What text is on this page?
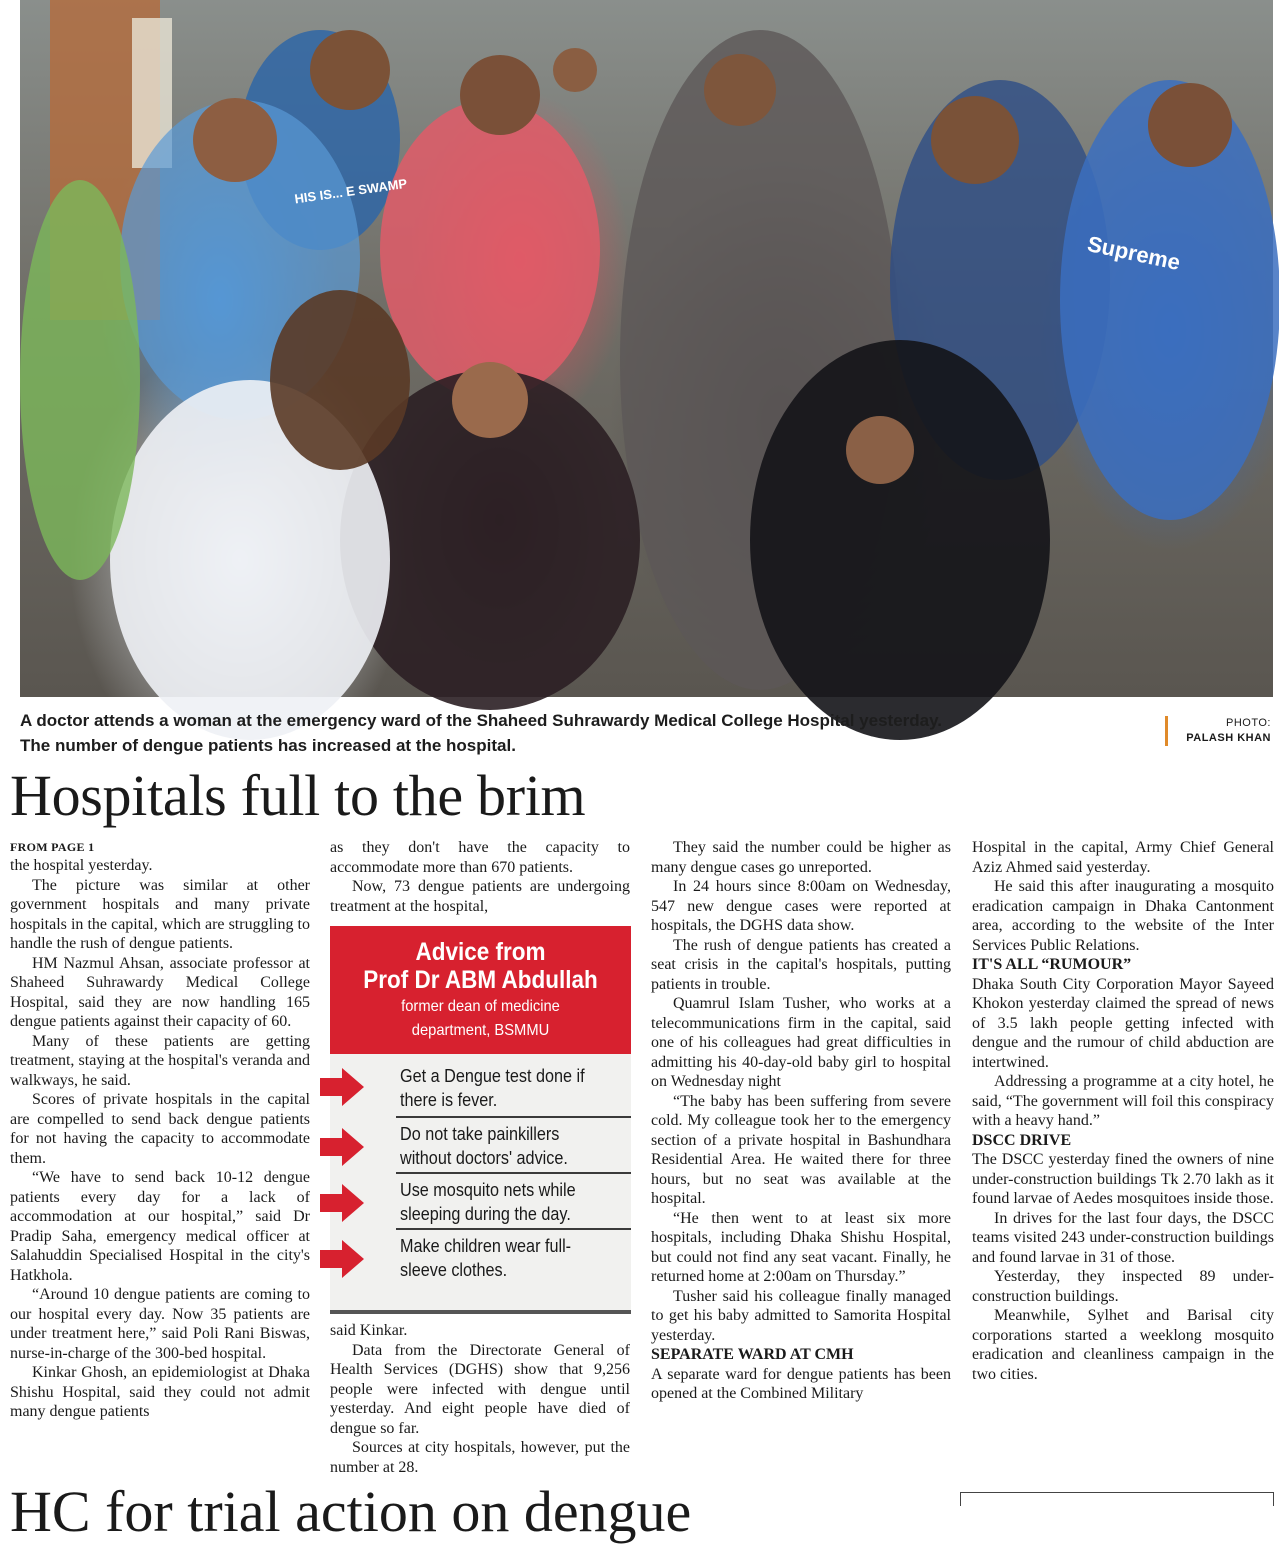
Supreme
HIS IS... E SWAMP
A doctor attends a woman at the emergency ward of the Shaheed Suhrawardy Medical College Hospital yesterday.
The number of dengue patients has increased at the hospital.
PHOTO:
PALASH KHAN
Hospitals full to the brim
FROM PAGE 1

the hospital yesterday.

The picture was similar at other government hospitals and many private hospitals in the capital, which are struggling to handle the rush of dengue patients.

HM Nazmul Ahsan, associate professor at Shaheed Suhrawardy Medical College Hospital, said they are now handling 165 dengue patients against their capacity of 60.

Many of these patients are getting treatment, staying at the hospital's veranda and walkways, he said.

Scores of private hospitals in the capital are compelled to send back dengue patients for not having the capacity to accommodate them.

“We have to send back 10-12 dengue patients every day for a lack of accommodation at our hospital,” said Dr Pradip Saha, emergency medical officer at Salahuddin Specialised Hospital in the city's Hatkhola.

“Around 10 dengue patients are coming to our hospital every day. Now 35 patients are under treatment here,” said Poli Rani Biswas, nurse-in-charge of the 300-bed hospital.

Kinkar Ghosh, an epidemiologist at Dhaka Shishu Hospital, said they could not admit many dengue patients

as they don't have the capacity to accommodate more than 670 patients.

Now, 73 dengue patients are undergoing treatment at the hospital,

Advice from
Prof Dr ABM Abdullah
former dean of medicine
department, BSMMU
Get a Dengue test done if there is fever.
Do not take painkillers without doctors' advice.
Use mosquito nets while sleeping during the day.
Make children wear full-sleeve clothes.

said Kinkar.

Data from the Directorate General of Health Services (DGHS) show that 9,256 people were infected with dengue until yesterday. And eight people have died of dengue so far.

Sources at city hospitals, however, put the number at 28.

They said the number could be higher as many dengue cases go unreported.

In 24 hours since 8:00am on Wednesday, 547 new dengue cases were reported at hospitals, the DGHS data show.

The rush of dengue patients has created a seat crisis in the capital's hospitals, putting patients in trouble.

Quamrul Islam Tusher, who works at a telecommunications firm in the capital, said one of his colleagues had great difficulties in admitting his 40-day-old baby girl to hospital on Wednesday night

“The baby has been suffering from severe cold. My colleague took her to the emergency section of a private hospital in Bashundhara Residential Area. He waited there for three hours, but no seat was available at the hospital.

“He then went to at least six more hospitals, including Dhaka Shishu Hospital, but could not find any seat vacant. Finally, he returned home at 2:00am on Thursday.”

Tusher said his colleague finally managed to get his baby admitted to Samorita Hospital yesterday.

SEPARATE WARD AT CMH

A separate ward for dengue patients has been opened at the Combined Military

Hospital in the capital, Army Chief General Aziz Ahmed said yesterday.

He said this after inaugurating a mosquito eradication campaign in Dhaka Cantonment area, according to the website of the Inter Services Public Relations.

IT'S ALL “RUMOUR”

Dhaka South City Corporation Mayor Sayeed Khokon yesterday claimed the spread of news of 3.5 lakh people getting infected with dengue and the rumour of child abduction are intertwined.

Addressing a programme at a city hotel, he said, “The government will foil this conspiracy with a heavy hand.”

DSCC DRIVE

The DSCC yesterday fined the owners of nine under-construction buildings Tk 2.70 lakh as it found larvae of Aedes mosquitoes inside those.

In drives for the last four days, the DSCC teams visited 243 under-construction buildings and found larvae in 31 of those.

Yesterday, they inspected 89 under-construction buildings.

Meanwhile, Sylhet and Barisal city corporations started a weeklong mosquito eradication and cleanliness campaign in the two cities.

HC for trial action on dengue
